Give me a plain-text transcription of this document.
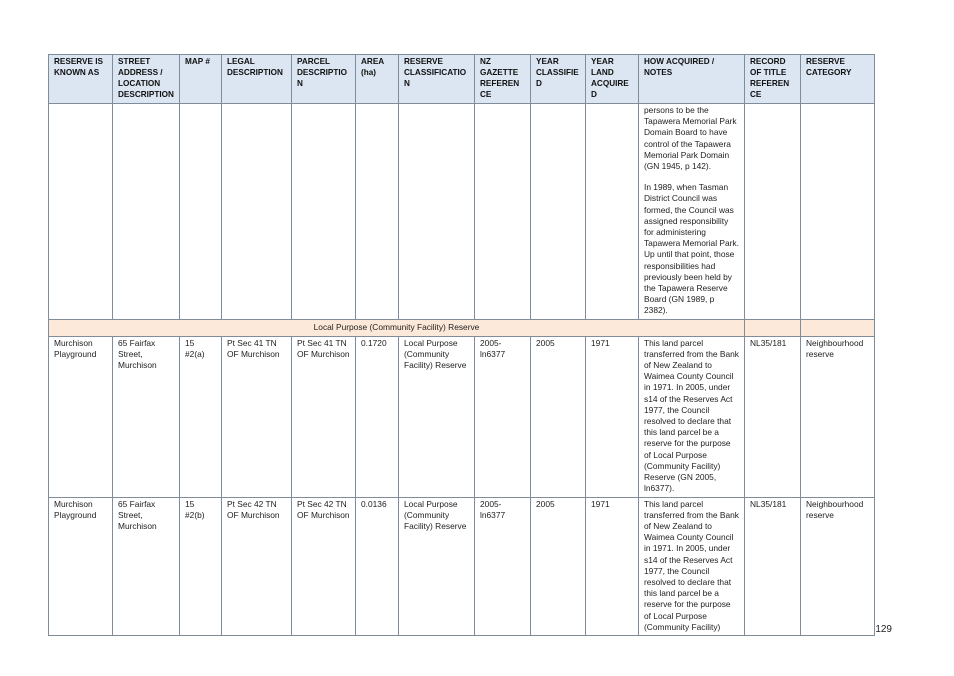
RESERVE IS KNOWN AS	STREET ADDRESS / LOCATION DESCRIPTION	MAP #	LEGAL DESCRIPTION	PARCEL DESCRIPTION	AREA (ha)	RESERVE CLASSIFICATION	NZ GAZETTE REFERENCE	YEAR CLASSIFIED	YEAR LAND ACQUIRED	HOW ACQUIRED / NOTES	RECORD OF TITLE REFERENCE	RESERVE CATEGORY

										persons to be the Tapawera Memorial Park Domain Board to have control of the Tapawera Memorial Park Domain (GN 1945, p 142).

In 1989, when Tasman District Council was formed, the Council was assigned responsibility for administering Tapawera Memorial Park. Up until that point, those responsibilities had previously been held by the Tapawera Reserve Board (GN 1989, p 2382).		

Local Purpose (Community Facility) Reserve												
Murchison Playground	65 Fairfax Street, Murchison	15 #2(a)	Pt Sec 41 TN OF Murchison	Pt Sec 41 TN OF Murchison	0.1720	Local Purpose (Community Facility) Reserve	2005-ln6377	2005	1971	This land parcel transferred from the Bank of New Zealand to Waimea County Council in 1971. In 2005, under s14 of the Reserves Act 1977, the Council resolved to declare that this land parcel be a reserve for the purpose of Local Purpose (Community Facility) Reserve (GN 2005, ln6377).	NL35/181	Neighbourhood reserve
Murchison Playground	65 Fairfax Street, Murchison	15 #2(b)	Pt Sec 42 TN OF Murchison	Pt Sec 42 TN OF Murchison	0.0136	Local Purpose (Community Facility) Reserve	2005-ln6377	2005	1971	This land parcel transferred from the Bank of New Zealand to Waimea County Council in 1971. In 2005, under s14 of the Reserves Act 1977, the Council resolved to declare that this land parcel be a reserve for the purpose of Local Purpose (Community Facility)	NL35/181	Neighbourhood reserve
129
